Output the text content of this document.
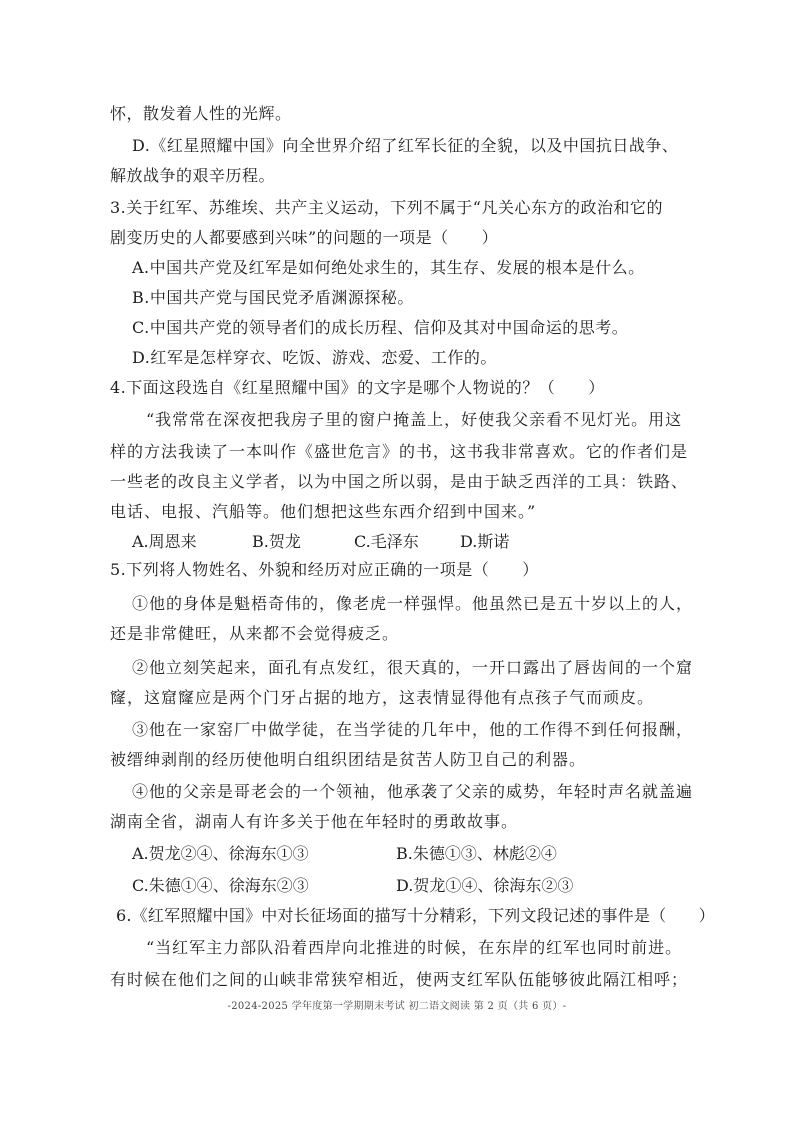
怀，散发着人性的光辉。
D.《红星照耀中国》向全世界介绍了红军长征的全貌，以及中国抗日战争、
解放战争的艰辛历程。
3.关于红军、苏维埃、共产主义运动，下列不属于“凡关心东方的政治和它的
剧变历史的人都要感到兴味”的问题的一项是（　　）
A.中国共产党及红军是如何绝处求生的，其生存、发展的根本是什么。
B.中国共产党与国民党矛盾渊源探秘。
C.中国共产党的领导者们的成长历程、信仰及其对中国命运的思考。
D.红军是怎样穿衣、吃饭、游戏、恋爱、工作的。
4.下面这段选自《红星照耀中国》的文字是哪个人物说的？（　　）
“我常常在深夜把我房子里的窗户掩盖上，好使我父亲看不见灯光。用这
样的方法我读了一本叫作《盛世危言》的书，这书我非常喜欢。它的作者们是
一些老的改良主义学者，以为中国之所以弱，是由于缺乏西洋的工具：铁路、
电话、电报、汽船等。他们想把这些东西介绍到中国来。”
A.周恩来	B.贺龙	C.毛泽东	D.斯诺
5.下列将人物姓名、外貌和经历对应正确的一项是（　　）
①他的身体是魁梧奇伟的，像老虎一样强悍。他虽然已是五十岁以上的人，
还是非常健旺，从来都不会觉得疲乏。
②他立刻笑起来，面孔有点发红，很天真的，一开口露出了唇齿间的一个窟
窿，这窟窿应是两个门牙占据的地方，这表情显得他有点孩子气而顽皮。
③他在一家窑厂中做学徒，在当学徒的几年中，他的工作得不到任何报酬，
被缙绅剥削的经历使他明白组织团结是贫苦人防卫自己的利器。
④他的父亲是哥老会的一个领袖，他承袭了父亲的威势，年轻时声名就盖遍
湖南全省，湖南人有许多关于他在年轻时的勇敢故事。
A.贺龙②④、徐海东①③	B.朱德①③、林彪②④
C.朱德①④、徐海东②③	D.贺龙①④、徐海东②③
6.《红军照耀中国》中对长征场面的描写十分精彩，下列文段记述的事件是（　　）
“当红军主力部队沿着西岸向北推进的时候，在东岸的红军也同时前进。
有时候在他们之间的山峡非常狭窄相近，使两支红军队伍能够彼此隔江相呼；
-2024-2025 学年度第一学期期末考试 初二语文阅读 第 2 页（共 6 页）-
